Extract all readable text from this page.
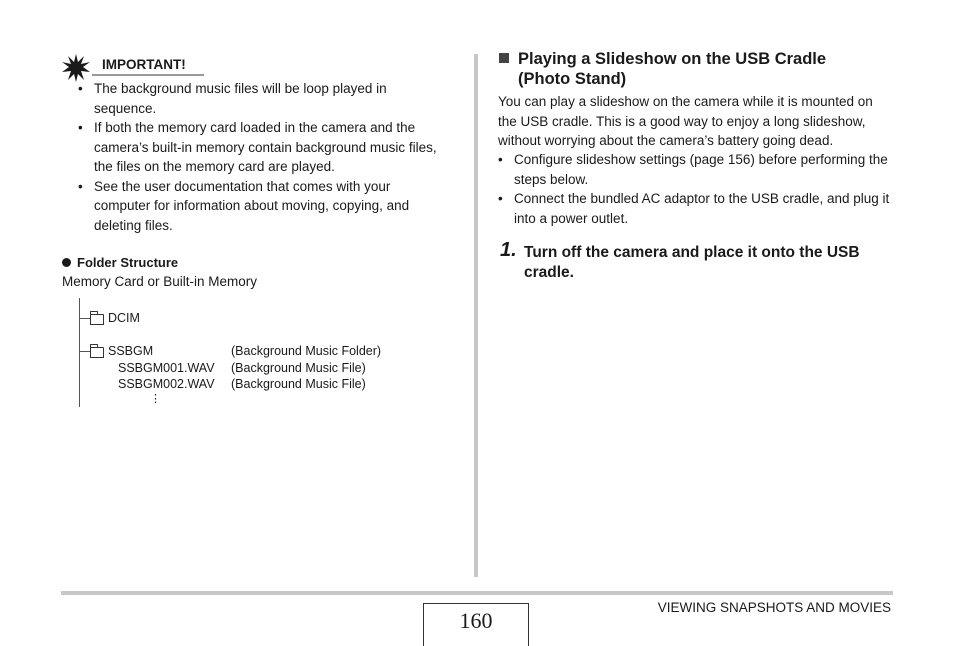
IMPORTANT!
• The background music files will be loop played in sequence.
• If both the memory card loaded in the camera and the camera’s built-in memory contain background music files, the files on the memory card are played.
• See the user documentation that comes with your computer for information about moving, copying, and deleting files.
Folder Structure
Memory Card or Built-in Memory
DCIM
SSBGM	(Background Music Folder)
SSBGM001.WAV (Background Music File)
SSBGM002.WAV (Background Music File)
⋮
Playing a Slideshow on the USB Cradle
(Photo Stand)
You can play a slideshow on the camera while it is mounted on the USB cradle. This is a good way to enjoy a long slideshow, without worrying about the camera’s battery going dead.
• Configure slideshow settings (page 156) before performing the steps below.
• Connect the bundled AC adaptor to the USB cradle, and plug it into a power outlet.
1. Turn off the camera and place it onto the USB cradle.
160
VIEWING SNAPSHOTS AND MOVIES
